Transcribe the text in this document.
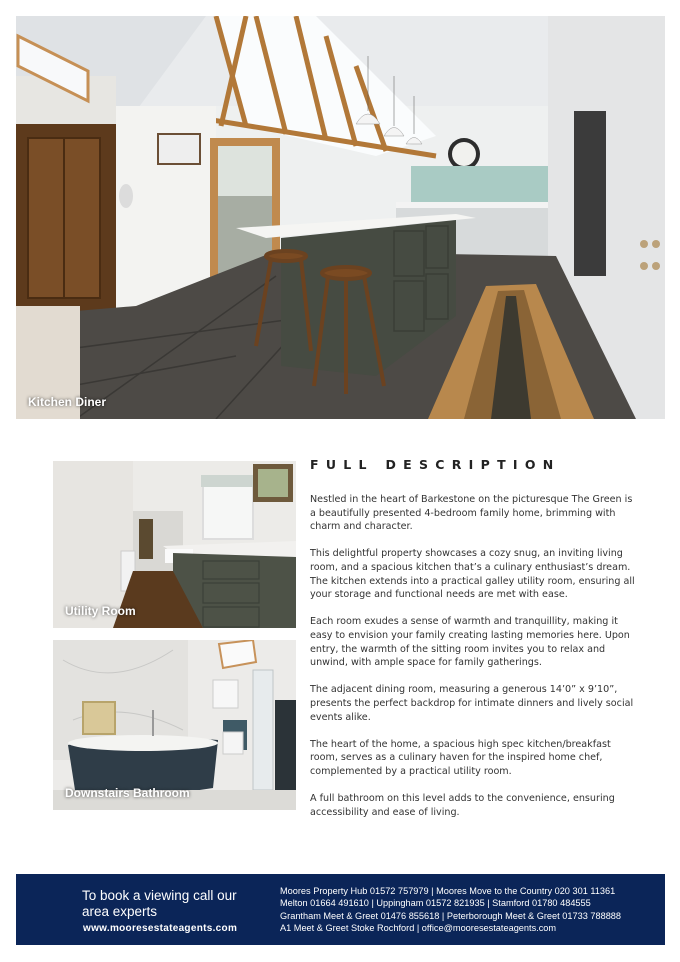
Kitchen Diner
Utility Room
Downstairs Bathroom
FULL DESCRIPTION

Nestled in the heart of Barkestone on the picturesque The Green is a beautifully presented 4-bedroom family home, brimming with charm and character.

This delightful property showcases a cozy snug, an inviting living room, and a spacious kitchen that’s a culinary enthusiast’s dream. The kitchen extends into a practical galley utility room, ensuring all your storage and functional needs are met with ease.

Each room exudes a sense of warmth and tranquillity, making it easy to envision your family creating lasting memories here. Upon entry, the warmth of the sitting room invites you to relax and unwind, with ample space for family gatherings.

The adjacent dining room, measuring a generous 14’0” x 9’10”, presents the perfect backdrop for intimate dinners and lively social events alike.

The heart of the home, a spacious high spec kitchen/breakfast room, serves as a culinary haven for the inspired home chef, complemented by a practical utility room.

A full bathroom on this level adds to the convenience, ensuring accessibility and ease of living.

To book a viewing call our
area experts
www.mooresestateagents.com
Moores Property Hub 01572 757979 | Moores Move to the Country 020 301 11361
Melton 01664 491610 | Uppingham 01572 821935 | Stamford 01780 484555
Grantham Meet & Greet 01476 855618 | Peterborough Meet & Greet 01733 788888
A1 Meet & Greet Stoke Rochford | office@mooresestateagents.com
